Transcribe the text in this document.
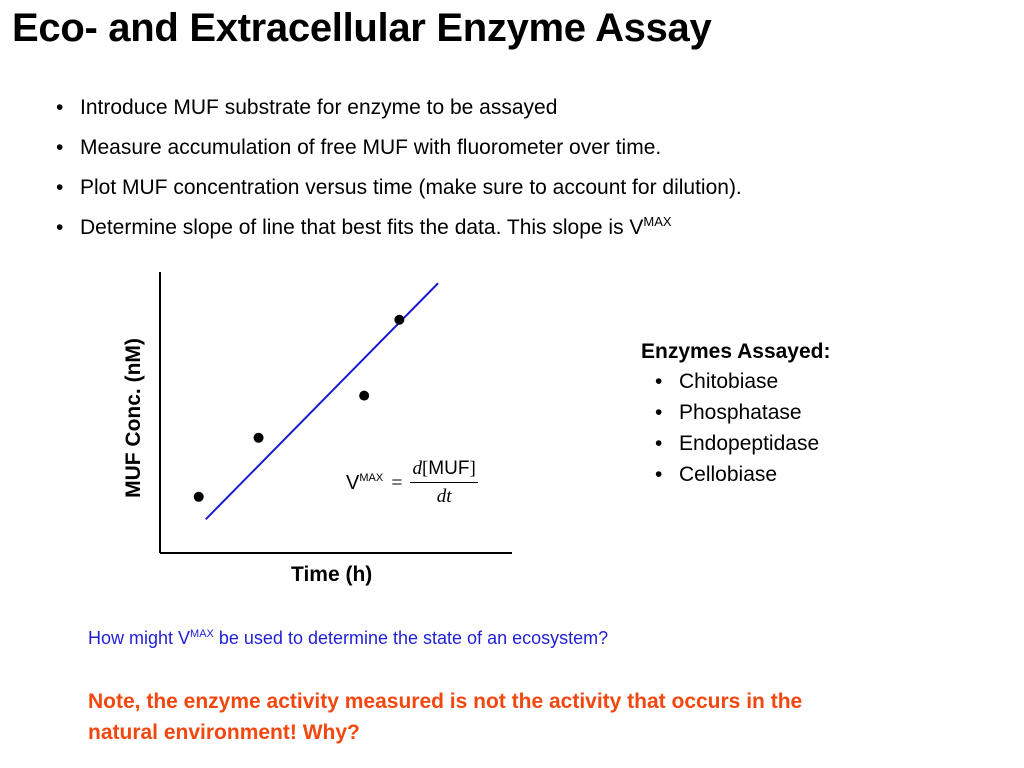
Eco- and Extracellular Enzyme Assay
• Introduce MUF substrate for enzyme to be assayed
• Measure accumulation of free MUF with fluorometer over time.
• Plot MUF concentration versus time (make sure to account for dilution).
• Determine slope of line that best fits the data. This slope is $V^{MAX}$
MUF Conc. (nM)
Time (h)
$V^{MAX} = \frac{\text{d[MUF]}}{dt}$
Enzymes Assayed:
• Chitobiase
• Phosphatase
• Endopeptidase
• Cellobiase
How might $V^{MAX}$ be used to determine the state of an ecosystem?
Note, the enzyme activity measured is not the activity that occurs in the natural environment! Why?
